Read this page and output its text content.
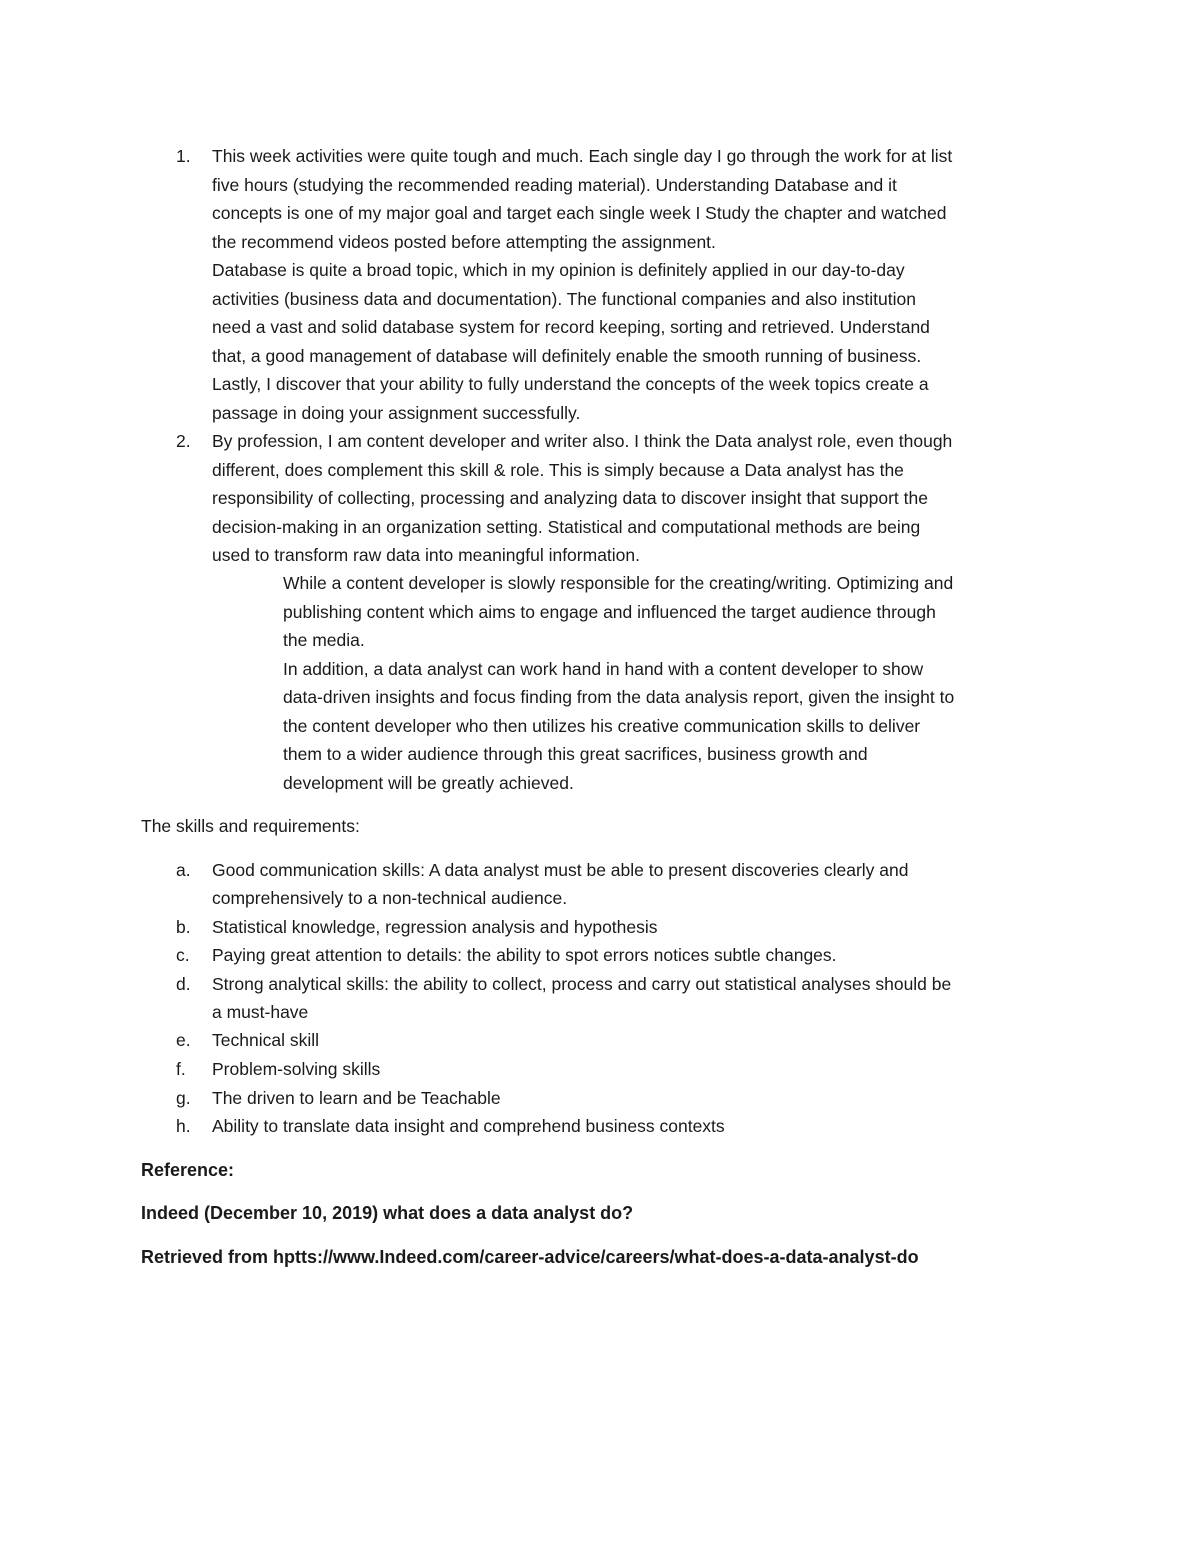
1. This week activities were quite tough and much. Each single day I go through the work for at list
five hours (studying the recommended reading material). Understanding Database and it
concepts is one of my major goal and target each single week I Study the chapter and watched
the recommend videos posted before attempting the assignment.
Database is quite a broad topic, which in my opinion is definitely applied in our day-to-day
activities (business data and documentation). The functional companies and also institution
need a vast and solid database system for record keeping, sorting and retrieved. Understand
that, a good management of database will definitely enable the smooth running of business.
Lastly, I discover that your ability to fully understand the concepts of the week topics create a
passage in doing your assignment successfully.
2. By profession, I am content developer and writer also. I think the Data analyst role, even though
different, does complement this skill & role. This is simply because a Data analyst has the
responsibility of collecting, processing and analyzing data to discover insight that support the
decision-making in an organization setting. Statistical and computational methods are being
used to transform raw data into meaningful information.
While a content developer is slowly responsible for the creating/writing. Optimizing and
publishing content which aims to engage and influenced the target audience through
the media.
In addition, a data analyst can work hand in hand with a content developer to show
data-driven insights and focus finding from the data analysis report, given the insight to
the content developer who then utilizes his creative communication skills to deliver
them to a wider audience through this great sacrifices, business growth and
development will be greatly achieved.
The skills and requirements:
a. Good communication skills: A data analyst must be able to present discoveries clearly and
comprehensively to a non-technical audience.
b. Statistical knowledge, regression analysis and hypothesis
c. Paying great attention to details: the ability to spot errors notices subtle changes.
d. Strong analytical skills: the ability to collect, process and carry out statistical analyses should be
a must-have
e. Technical skill
f. Problem-solving skills
g. The driven to learn and be Teachable
h. Ability to translate data insight and comprehend business contexts
Reference:
Indeed (December 10, 2019) what does a data analyst do?
Retrieved from hptts://www.Indeed.com/career-advice/careers/what-does-a-data-analyst-do
